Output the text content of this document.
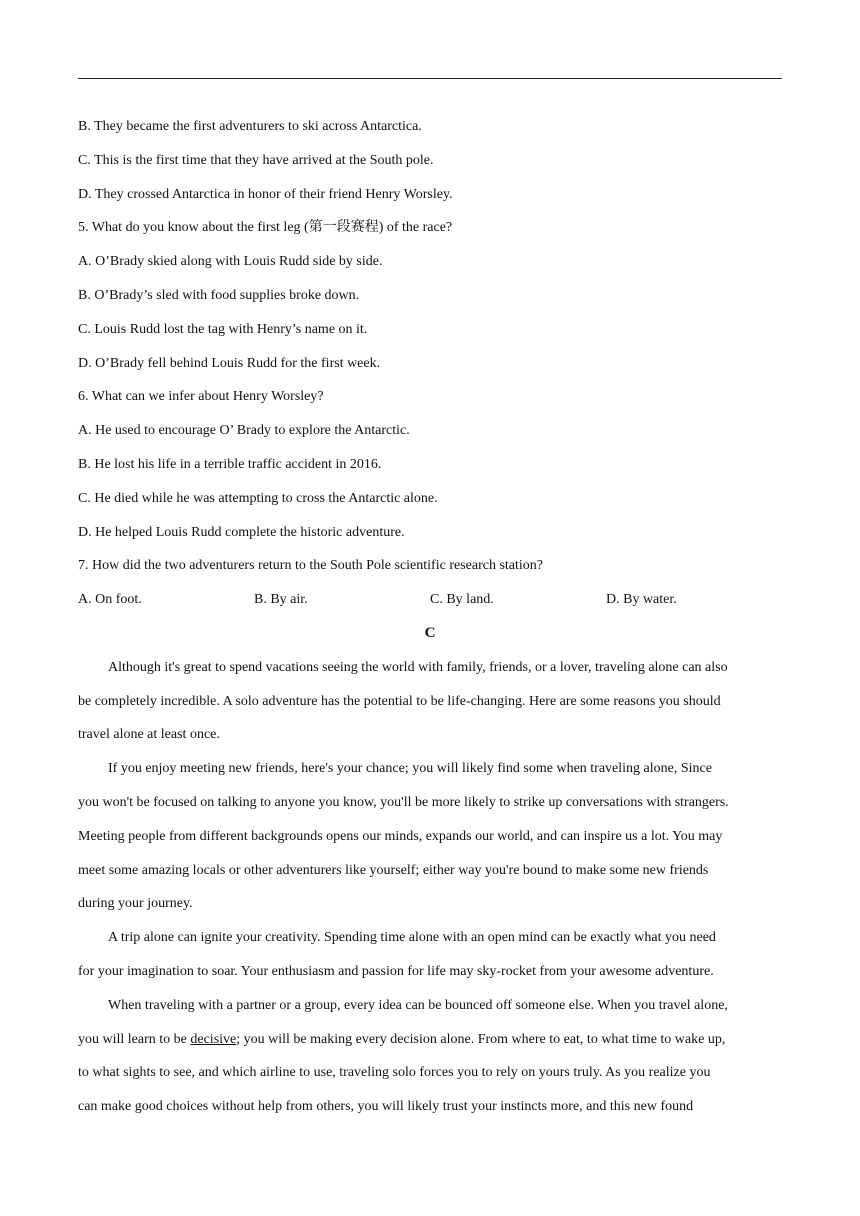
B. They became the first adventurers to ski across Antarctica.

C. This is the first time that they have arrived at the South pole.

D. They crossed Antarctica in honor of their friend Henry Worsley.

5. What do you know about the first leg (第一段赛程) of the race?

A. O’Brady skied along with Louis Rudd side by side.

B. O’Brady’s sled with food supplies broke down.

C. Louis Rudd lost the tag with Henry’s name on it.

D. O’Brady fell behind Louis Rudd for the first week.

6. What can we infer about Henry Worsley?

A. He used to encourage O’ Brady to explore the Antarctic.

B. He lost his life in a terrible traffic accident in 2016.

C. He died while he was attempting to cross the Antarctic alone.

D. He helped Louis Rudd complete the historic adventure.

7. How did the two adventurers return to the South Pole scientific research station?

A. On foot.	B. By air.	C. By land.	D. By water.

C

Although it's great to spend vacations seeing the world with family, friends, or a lover, traveling alone can also
be completely incredible. A solo adventure has the potential to be life-changing. Here are some reasons you should
travel alone at least once.
If you enjoy meeting new friends, here's your chance; you will likely find some when traveling alone, Since
you won't be focused on talking to anyone you know, you'll be more likely to strike up conversations with strangers.
Meeting people from different backgrounds opens our minds, expands our world, and can inspire us a lot. You may
meet some amazing locals or other adventurers like yourself; either way you're bound to make some new friends
during your journey.
A trip alone can ignite your creativity. Spending time alone with an open mind can be exactly what you need
for your imagination to soar. Your enthusiasm and passion for life may sky-rocket from your awesome adventure.
When traveling with a partner or a group, every idea can be bounced off someone else. When you travel alone,
you will learn to be decisive; you will be making every decision alone. From where to eat, to what time to wake up,
to what sights to see, and which airline to use, traveling solo forces you to rely on yours truly. As you realize you
can make good choices without help from others, you will likely trust your instincts more, and this new found
